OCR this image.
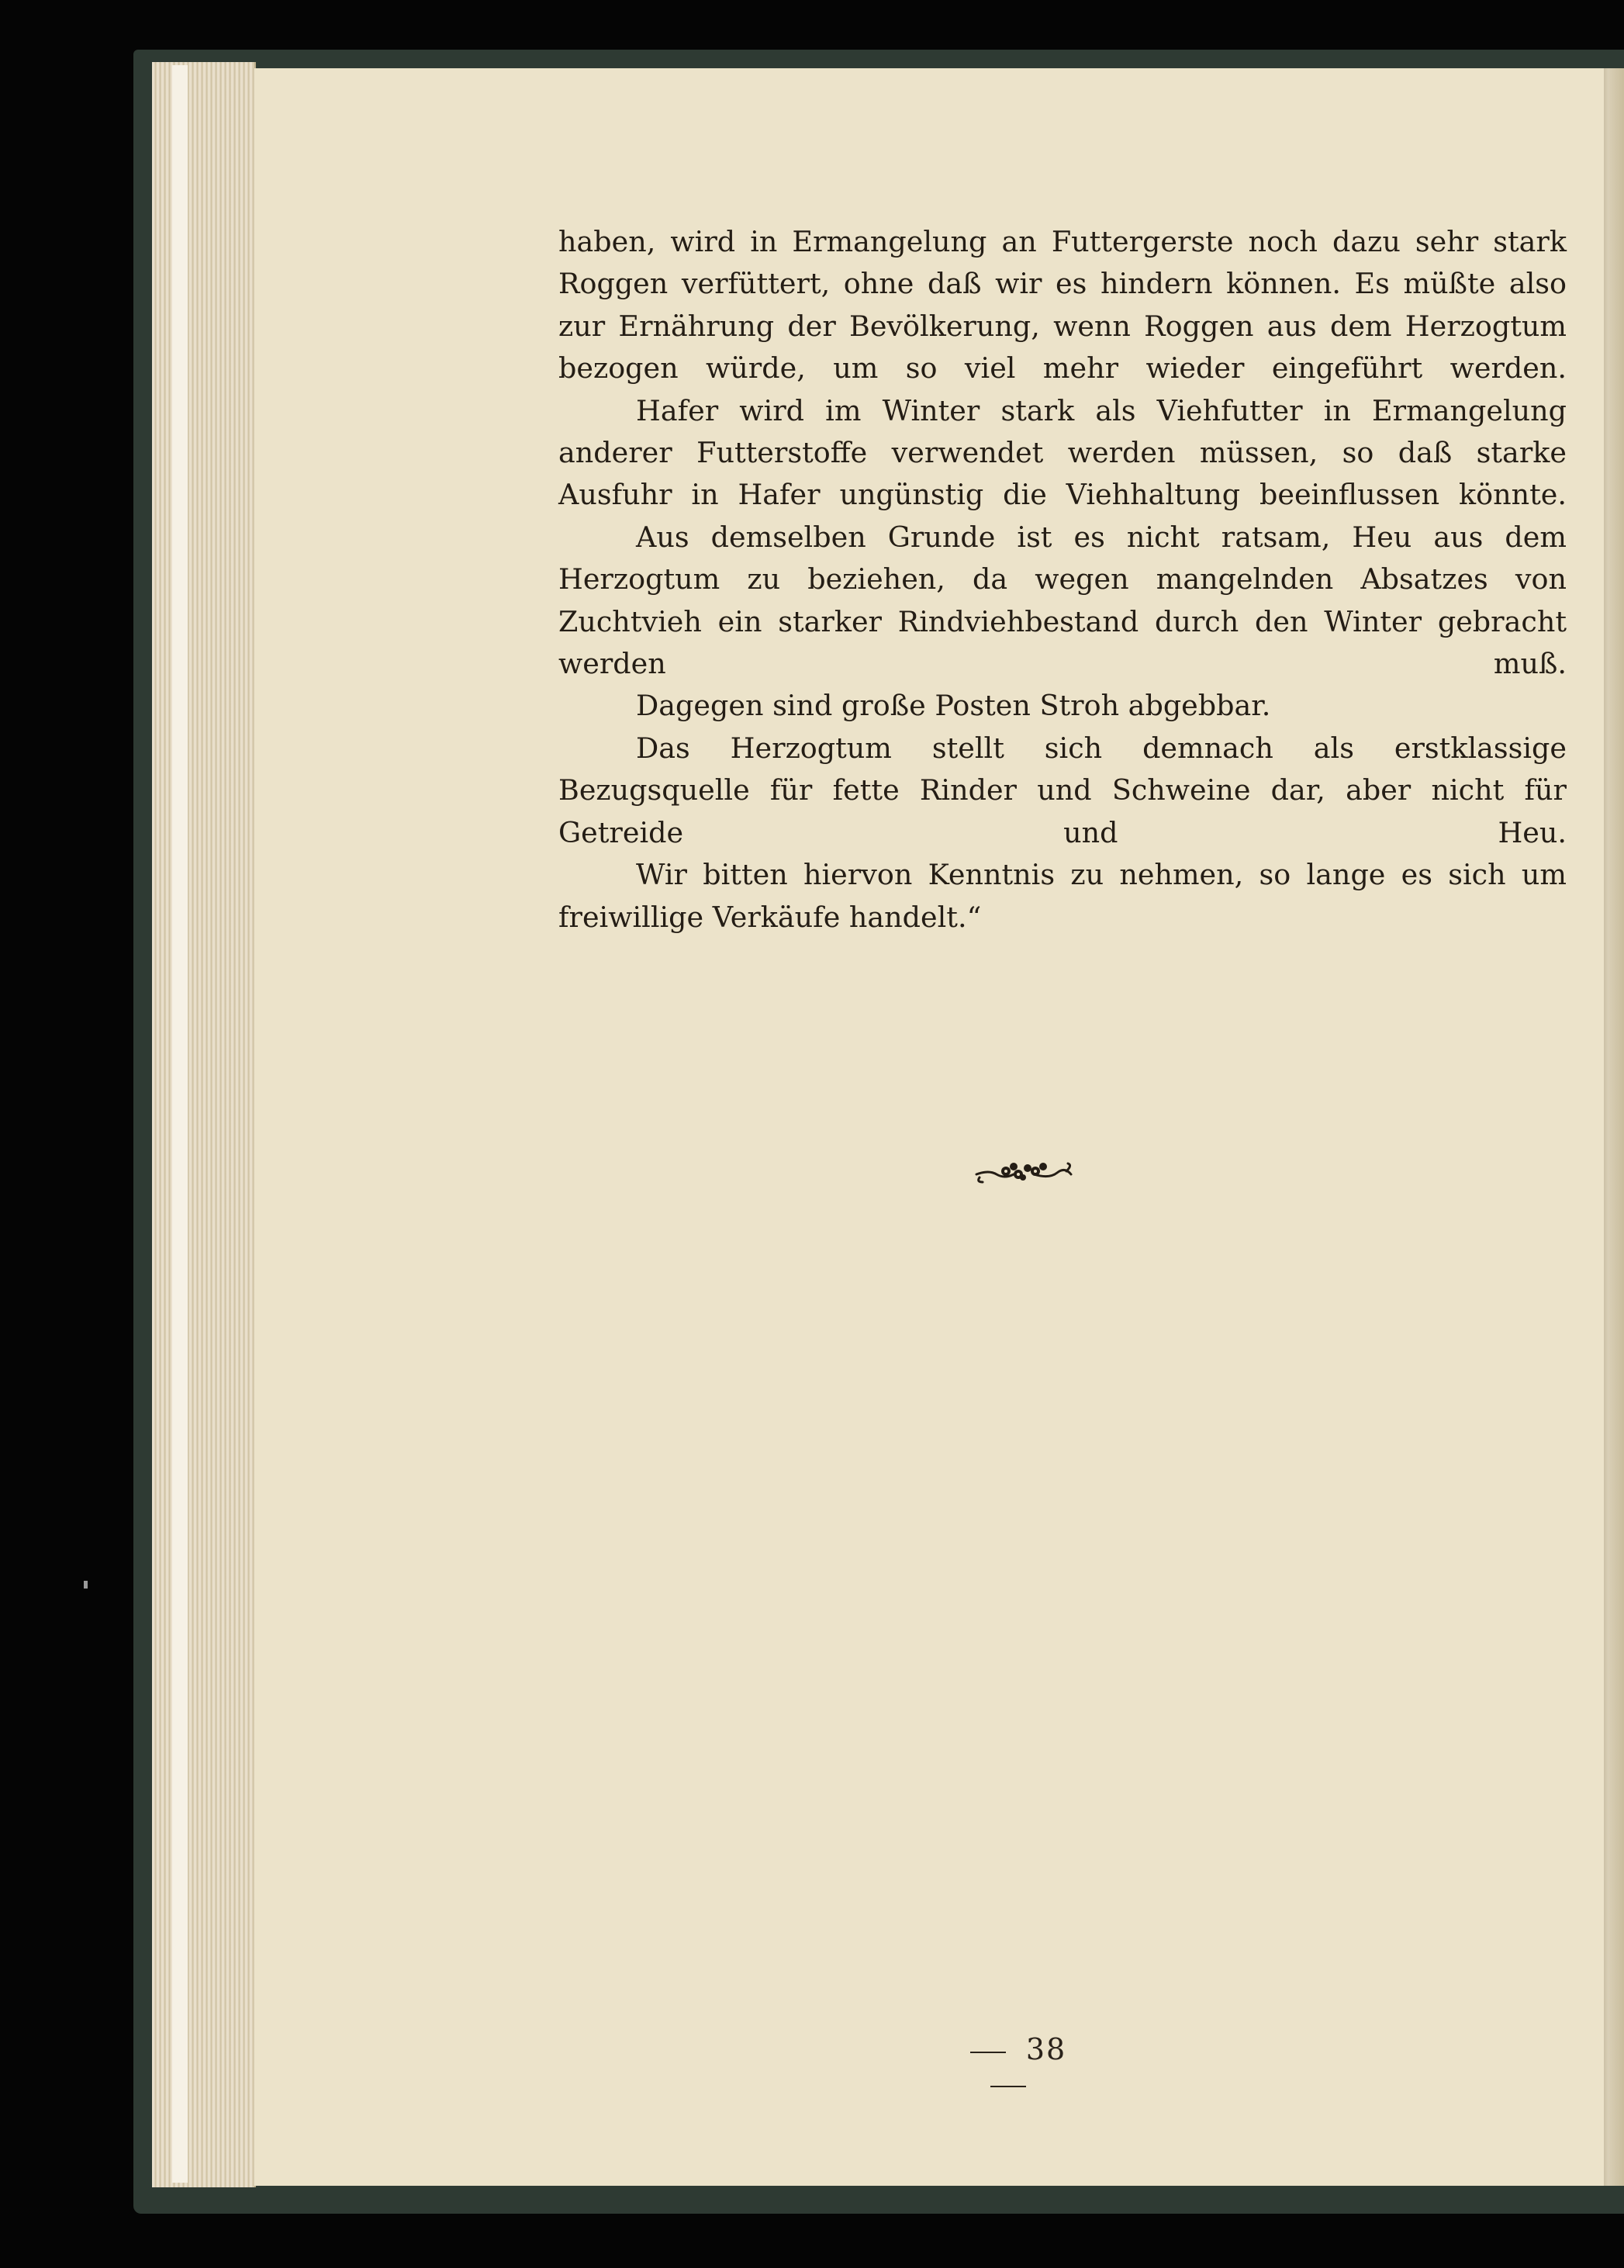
haben, wird in Ermangelung an Futtergerste noch dazu sehr stark Roggen verfüttert, ohne daß wir es hindern können. Es müßte also zur Ernährung der Bevölkerung, wenn Roggen aus dem Herzogtum bezogen würde, um so viel mehr wieder eingeführt werden.

Hafer wird im Winter stark als Viehfutter in Ermangelung anderer Futterstoffe verwendet werden müssen, so daß starke Ausfuhr in Hafer ungünstig die Viehhaltung beeinflussen könnte.

Aus demselben Grunde ist es nicht ratsam, Heu aus dem Herzogtum zu beziehen, da wegen mangelnden Absatzes von Zuchtvieh ein starker Rindviehbestand durch den Winter gebracht werden muß.

Dagegen sind große Posten Stroh abgebbar.

Das Herzogtum stellt sich demnach als erstklassige Bezugsquelle für fette Rinder und Schweine dar, aber nicht für Getreide und Heu.

Wir bitten hiervon Kenntnis zu nehmen, so lange es sich um freiwillige Verkäufe handelt.“

38
